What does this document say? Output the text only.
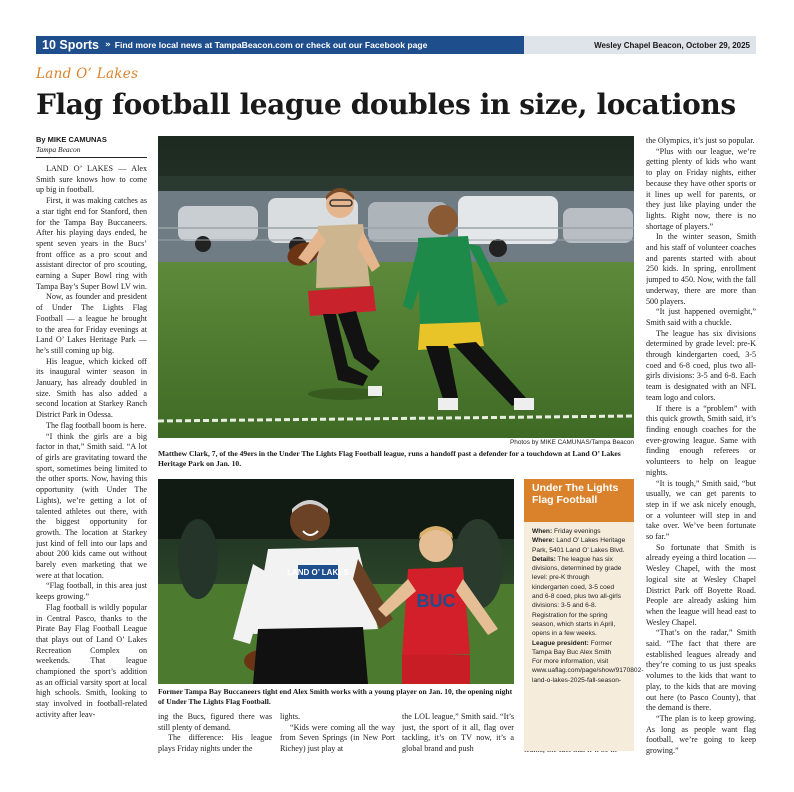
10 Sports » Find more local news at TampaBeacon.com or check out our Facebook page	Wesley Chapel Beacon, October 29, 2025
Land O’ Lakes
Flag football league doubles in size, locations
By MIKE CAMUNAS
Tampa Beacon

LAND O’ LAKES — Alex Smith sure knows how to come up big in football.

First, it was making catches as a star tight end for Stanford, then for the Tampa Bay Buccaneers. After his playing days ended, he spent seven years in the Bucs’ front office as a pro scout and assistant director of pro scouting, earning a Super Bowl ring with Tampa Bay’s Super Bowl LV win.

Now, as founder and president of Under The Lights Flag Football — a league he brought to the area for Friday evenings at Land O’ Lakes Heritage Park — he’s still coming up big.

His league, which kicked off its inaugural winter season in January, has already doubled in size. Smith has also added a second location at Starkey Ranch District Park in Odessa.

The flag football boom is here.

“I think the girls are a big factor in that,” Smith said. “A lot of girls are gravitating toward the sport, sometimes being limited to the other sports. Now, having this opportunity (with Under The Lights), we’re getting a lot of talented athletes out there, with the biggest opportunity for growth. The location at Starkey just kind of fell into our laps and about 200 kids came out without barely even marketing that we were at that location.

“Flag football, in this area just keeps growing.”

Flag football is wildly popular in Central Pasco, thanks to the Pirate Bay Flag Football League that plays out of Land O’ Lakes Recreation Complex on weekends. That league championed the sport’s addition as an official varsity sport at local high schools. Smith, looking to stay involved in football-related activity after leav-

Photos by MIKE CAMUNAS/Tampa Beacon
Matthew Clark, 7, of the 49ers in the Under The Lights Flag Football league, runs a handoff past a defender for a touchdown at Land O’ Lakes Heritage Park on Jan. 10.
LAND O’ LAKES
BUC
Former Tampa Bay Buccaneers tight end Alex Smith works with a young player on Jan. 10, the opening night of Under The Lights Flag Football.

ing the Bucs, figured there was still plenty of demand.

The difference: His league plays Friday nights under the

lights.

“Kids were coming all the way from Seven Springs (in New Port Richey) just play at

the LOL league,” Smith said. “It’s just, the sport of it all, flag over tackling, it’s on TV now, it’s a global brand and push

Under The Lights Flag Football
When: Friday evenings
Where: Land O’ Lakes Heritage Park, 5401 Land O’ Lakes Blvd.
Details: The league has six divisions, determined by grade level: pre-K through kindergarten coed, 3-5 coed and 6-8 coed, plus two all-girls divisions: 3-5 and 6-8. Registration for the spring season, which starts in April, opens in a few weeks.
League president: Former Tampa Bay Buc Alex Smith
For more information, visit www.uaflag.com/page/show/9170802-land-o-lakes-2025-fall-season-

the Olympics, it’s just so popular.

“Plus with our league, we’re getting plenty of kids who want to play on Friday nights, either because they have other sports or it lines up well for parents, or they just like playing under the lights. Right now, there is no shortage of players.”

In the winter season, Smith and his staff of volunteer coaches and parents started with about 250 kids. In spring, enrollment jumped to 450. Now, with the fall underway, there are more than 500 players.

“It just happened overnight,” Smith said with a chuckle.

The league has six divisions determined by grade level: pre-K through kindergarten coed, 3-5 coed and 6-8 coed, plus two all-girls divisions: 3-5 and 6-8. Each team is designated with an NFL team logo and colors.

If there is a “problem” with this quick growth, Smith said, it’s finding enough coaches for the ever-growing league. Same with finding enough referees or volunteers to help on league nights.

“It is tough,” Smith said, “but usually, we can get parents to step in if we ask nicely enough, or a volunteer will step in and take over. We’ve been fortunate so far.”

So fortunate that Smith is already eyeing a third location — Wesley Chapel, with the most logical site at Wesley Chapel District Park off Boyette Road. People are already asking him when the league will head east to Wesley Chapel.

“That’s on the radar,” Smith said. “The fact that there are established leagues already and they’re coming to us just speaks volumes to the kids that want to play, to the kids that are moving out here (to Pasco County), that the demand is there.

“The plan is to keep growing. As long as people want flag football, we’re going to keep growing.”
